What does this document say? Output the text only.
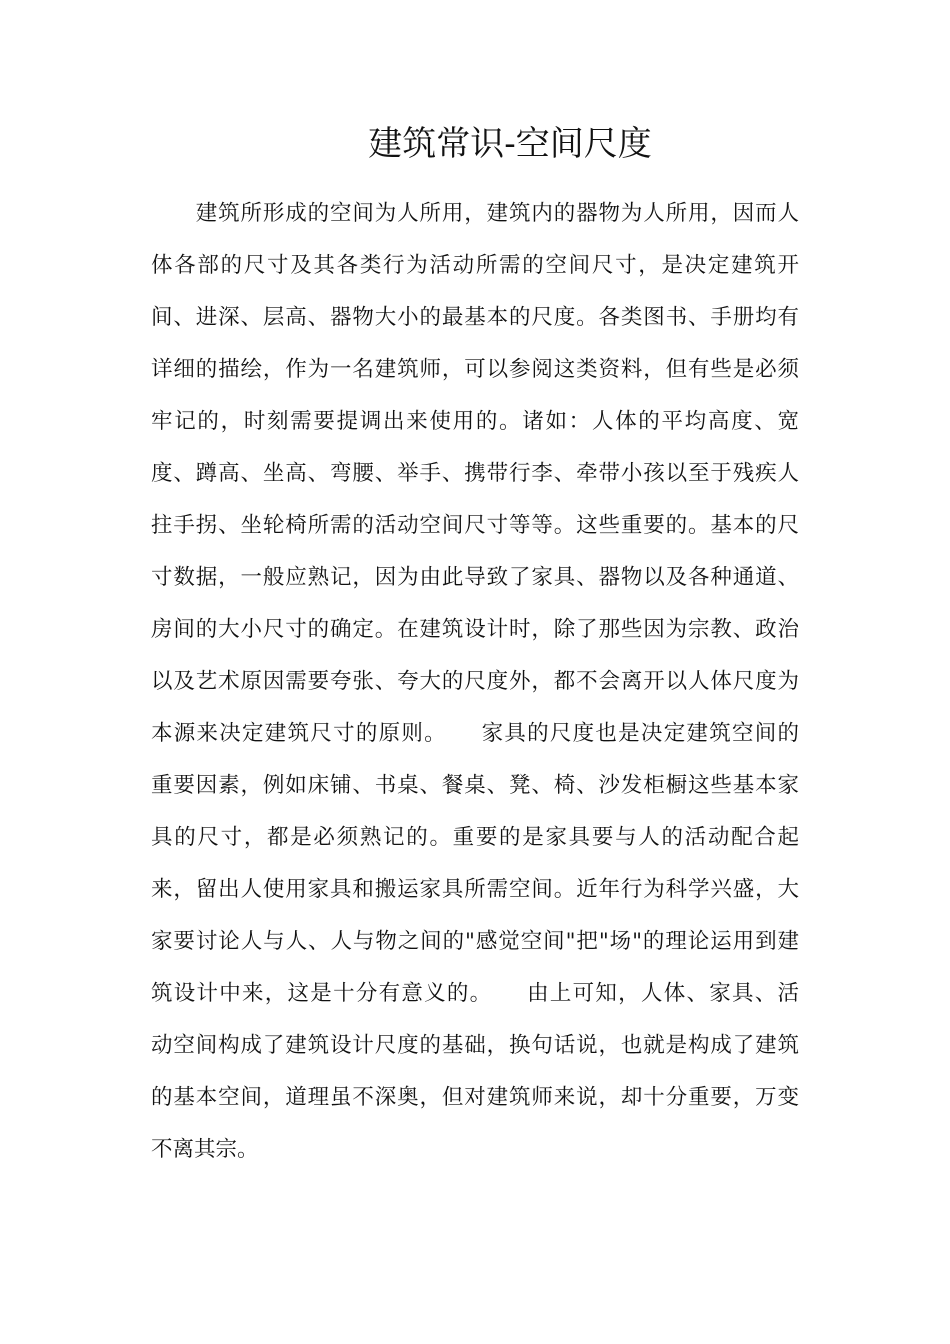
建筑常识-空间尺度
　　建筑所形成的空间为人所用，建筑内的器物为人所用，因而人
体各部的尺寸及其各类行为活动所需的空间尺寸，是决定建筑开
间、进深、层高、器物大小的最基本的尺度。各类图书、手册均有
详细的描绘，作为一名建筑师，可以参阅这类资料，但有些是必须
牢记的，时刻需要提调出来使用的。诸如：人体的平均高度、宽
度、蹲高、坐高、弯腰、举手、携带行李、牵带小孩以至于残疾人
拄手拐、坐轮椅所需的活动空间尺寸等等。这些重要的。基本的尺
寸数据，一般应熟记，因为由此导致了家具、器物以及各种通道、
房间的大小尺寸的确定。在建筑设计时，除了那些因为宗教、政治
以及艺术原因需要夸张、夸大的尺度外，都不会离开以人体尺度为
本源来决定建筑尺寸的原则。　　家具的尺度也是决定建筑空间的
重要因素，例如床铺、书桌、餐桌、凳、椅、沙发柜橱这些基本家
具的尺寸，都是必须熟记的。重要的是家具要与人的活动配合起
来，留出人使用家具和搬运家具所需空间。近年行为科学兴盛，大
家要讨论人与人、人与物之间的"感觉空间"把"场"的理论运用到建
筑设计中来，这是十分有意义的。　　由上可知，人体、家具、活
动空间构成了建筑设计尺度的基础，换句话说，也就是构成了建筑
的基本空间，道理虽不深奥，但对建筑师来说，却十分重要，万变
不离其宗。
